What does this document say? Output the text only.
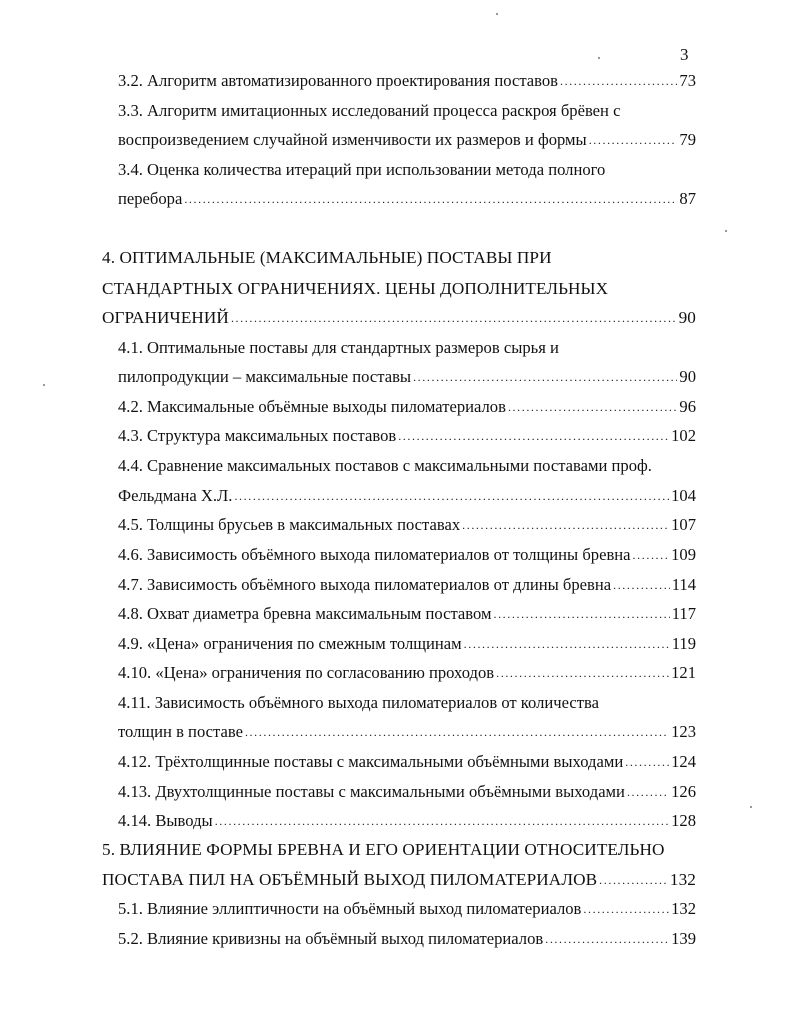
3
3.2. Алгоритм автоматизированного проектирования поставов .....	73
3.3. Алгоритм имитационных исследований процесса раскроя брёвен с
воспроизведением случайной изменчивости их размеров и формы .....	79
3.4. Оценка количества итераций при использовании метода полного
перебора .....	87
4. ОПТИМАЛЬНЫЕ (МАКСИМАЛЬНЫЕ) ПОСТАВЫ ПРИ
СТАНДАРТНЫХ ОГРАНИЧЕНИЯХ. ЦЕНЫ ДОПОЛНИТЕЛЬНЫХ
ОГРАНИЧЕНИЙ .....	90
4.1. Оптимальные поставы для стандартных размеров сырья и
пилопродукции – максимальные поставы .....	90
4.2. Максимальные объёмные выходы пиломатериалов .....	96
4.3. Структура максимальных поставов .....	102
4.4. Сравнение максимальных поставов с максимальными поставами проф.
Фельдмана Х.Л. .....	104
4.5. Толщины брусьев в максимальных поставах .....	107
4.6. Зависимость объёмного выхода пиломатериалов от толщины бревна ..... 109
4.7. Зависимость объёмного выхода пиломатериалов от длины бревна .....	114
4.8. Охват диаметра бревна максимальным поставом .....	117
4.9. «Цена» ограничения по смежным толщинам .....	119
4.10. «Цена» ограничения по согласованию проходов .....	121
4.11. Зависимость объёмного выхода пиломатериалов от количества
толщин в поставе .....	123
4.12. Трёхтолщинные поставы с максимальными объёмными выходами .....	124
4.13. Двухтолщинные поставы с максимальными объёмными выходами .....	126
4.14. Выводы .....	128
5. ВЛИЯНИЕ ФОРМЫ БРЕВНА И ЕГО ОРИЕНТАЦИИ ОТНОСИТЕЛЬНО
ПОСТАВА ПИЛ НА ОБЪЁМНЫЙ ВЫХОД ПИЛОМАТЕРИАЛОВ .....	132
5.1. Влияние эллиптичности на объёмный выход пиломатериалов .....	132
5.2. Влияние кривизны на объёмный выход пиломатериалов .....	139
